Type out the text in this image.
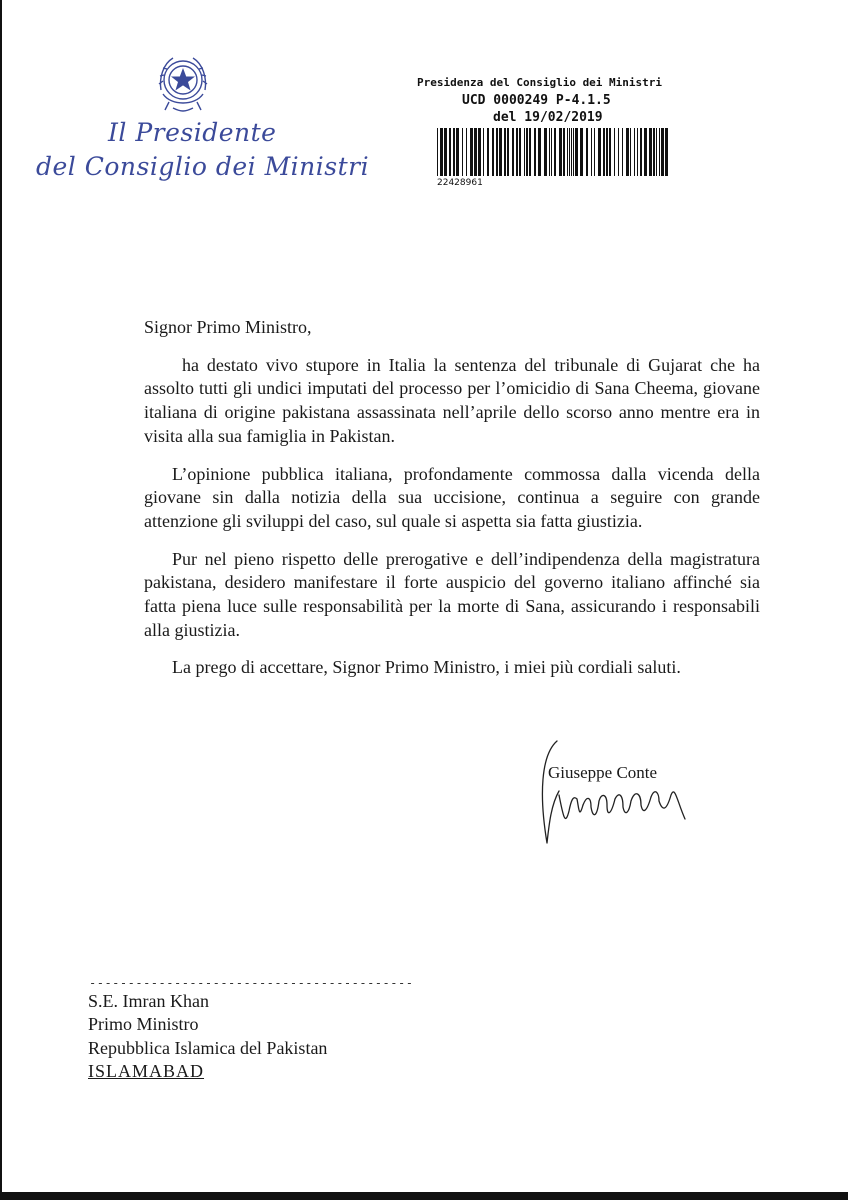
Il Presidente
del Consiglio dei Ministri
Presidenza del Consiglio dei Ministri
UCD 0000249 P-4.1.5
del 19/02/2019
22428961

Signor Primo Ministro,

ha destato vivo stupore in Italia la sentenza del tribunale di Gujarat che ha assolto tutti gli undici imputati del processo per l’omicidio di Sana Cheema, giovane italiana di origine pakistana assassinata nell’aprile dello scorso anno mentre era in visita alla sua famiglia in Pakistan.

L’opinione pubblica italiana, profondamente commossa dalla vicenda della giovane sin dalla notizia della sua uccisione, continua a seguire con grande attenzione gli sviluppi del caso, sul quale si aspetta sia fatta giustizia.

Pur nel pieno rispetto delle prerogative e dell’indipendenza della magistratura pakistana, desidero manifestare il forte auspicio del governo italiano affinché sia fatta piena luce sulle responsabilità per la morte di Sana, assicurando i responsabili alla giustizia.

La prego di accettare, Signor Primo Ministro, i miei più cordiali saluti.

Giuseppe Conte
------------------------------------------
S.E. Imran Khan
Primo Ministro
Repubblica Islamica del Pakistan
ISLAMABAD
